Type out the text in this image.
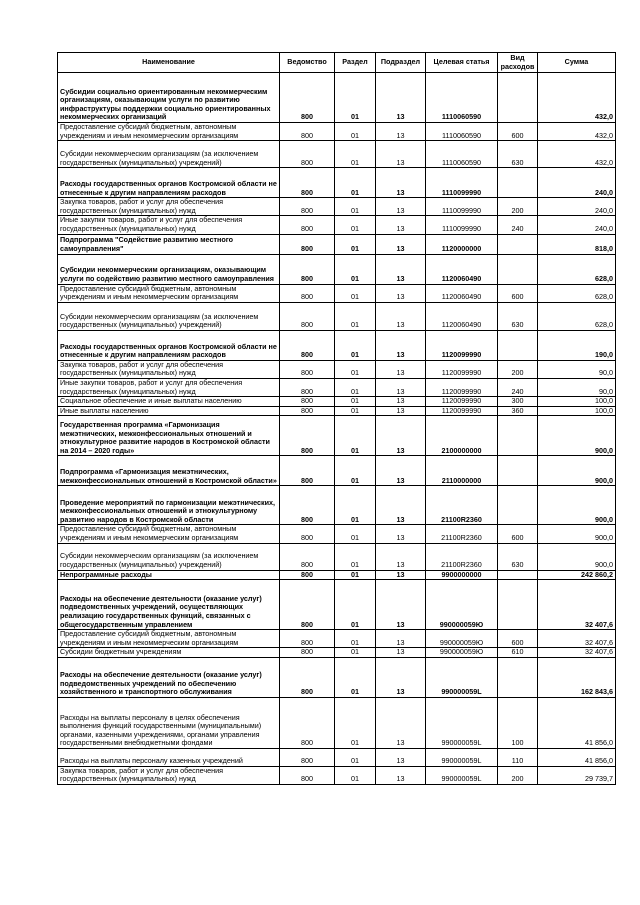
Наименование	Ведомство	Раздел	Подраздел	Целевая статья	Вид расходов	Сумма
Субсидии социально ориентированным некоммерческим организациям, оказывающим услуги по развитию инфраструктуры поддержки социально ориентированных некоммерческих организаций	800	01	13	1110060590		432,0
Предоставление субсидий бюджетным, автономным учреждениям и иным некоммерческим организациям	800	01	13	1110060590	600	432,0
Субсидии некоммерческим организациям (за исключением государственных (муниципальных) учреждений)	800	01	13	1110060590	630	432,0
Расходы государственных органов Костромской области не отнесенные к другим направлениям расходов	800	01	13	1110099990		240,0
Закупка товаров, работ и услуг для обеспечения государственных (муниципальных) нужд	800	01	13	1110099990	200	240,0
Иные закупки товаров, работ и услуг для обеспечения государственных (муниципальных) нужд	800	01	13	1110099990	240	240,0
Подпрограмма "Содействие развитию местного самоуправления"	800	01	13	1120000000		818,0
Субсидии некоммерческим организациям, оказывающим услуги по содействию развитию местного самоуправления	800	01	13	1120060490		628,0
Предоставление субсидий бюджетным, автономным учреждениям и иным некоммерческим организациям	800	01	13	1120060490	600	628,0
Субсидии некоммерческим организациям (за исключением государственных (муниципальных) учреждений)	800	01	13	1120060490	630	628,0
Расходы государственных органов Костромской области не отнесенные к другим направлениям расходов	800	01	13	1120099990		190,0
Закупка товаров, работ и услуг для обеспечения государственных (муниципальных) нужд	800	01	13	1120099990	200	90,0
Иные закупки товаров, работ и услуг для обеспечения государственных (муниципальных) нужд	800	01	13	1120099990	240	90,0
Социальное обеспечение и иные выплаты населению	800	01	13	1120099990	300	100,0
Иные выплаты населению	800	01	13	1120099990	360	100,0
Государственная программа «Гармонизация межэтнических, межконфессиональных отношений и этнокультурное развитие народов в Костромской области на 2014 – 2020 годы»	800	01	13	2100000000		900,0
Подпрограмма «Гармонизация межэтнических, межконфессиональных отношений в Костромской области»	800	01	13	2110000000		900,0
Проведение мероприятий по гармонизации межэтнических, межконфессиональных отношений и этнокультурному развитию народов в Костромской области	800	01	13	21100R2360		900,0
Предоставление субсидий бюджетным, автономным учреждениям и иным некоммерческим организациям	800	01	13	21100R2360	600	900,0
Субсидии некоммерческим организациям (за исключением государственных (муниципальных) учреждений)	800	01	13	21100R2360	630	900,0
Непрограммные расходы	800	01	13	9900000000		242 860,2
Расходы на обеспечение деятельности (оказание услуг) подведомственных учреждений, осуществляющих реализацию государственных функций, связанных с общегосударственным управлением	800	01	13	990000059Ю		32 407,6
Предоставление субсидий бюджетным, автономным учреждениям и иным некоммерческим организациям	800	01	13	990000059Ю	600	32 407,6
Субсидии бюджетным учреждениям	800	01	13	990000059Ю	610	32 407,6
Расходы на обеспечение деятельности (оказание услуг) подведомственных учреждений по обеспечению хозяйственного и транспортного обслуживания	800	01	13	990000059L		162 843,6
Расходы на выплаты персоналу в целях обеспечения выполнения функций государственными (муниципальными) органами, казенными учреждениями, органами управления государственными внебюджетными фондами	800	01	13	990000059L	100	41 856,0
Расходы на выплаты персоналу казенных учреждений	800	01	13	990000059L	110	41 856,0
Закупка товаров, работ и услуг для обеспечения государственных (муниципальных) нужд	800	01	13	990000059L	200	29 739,7
